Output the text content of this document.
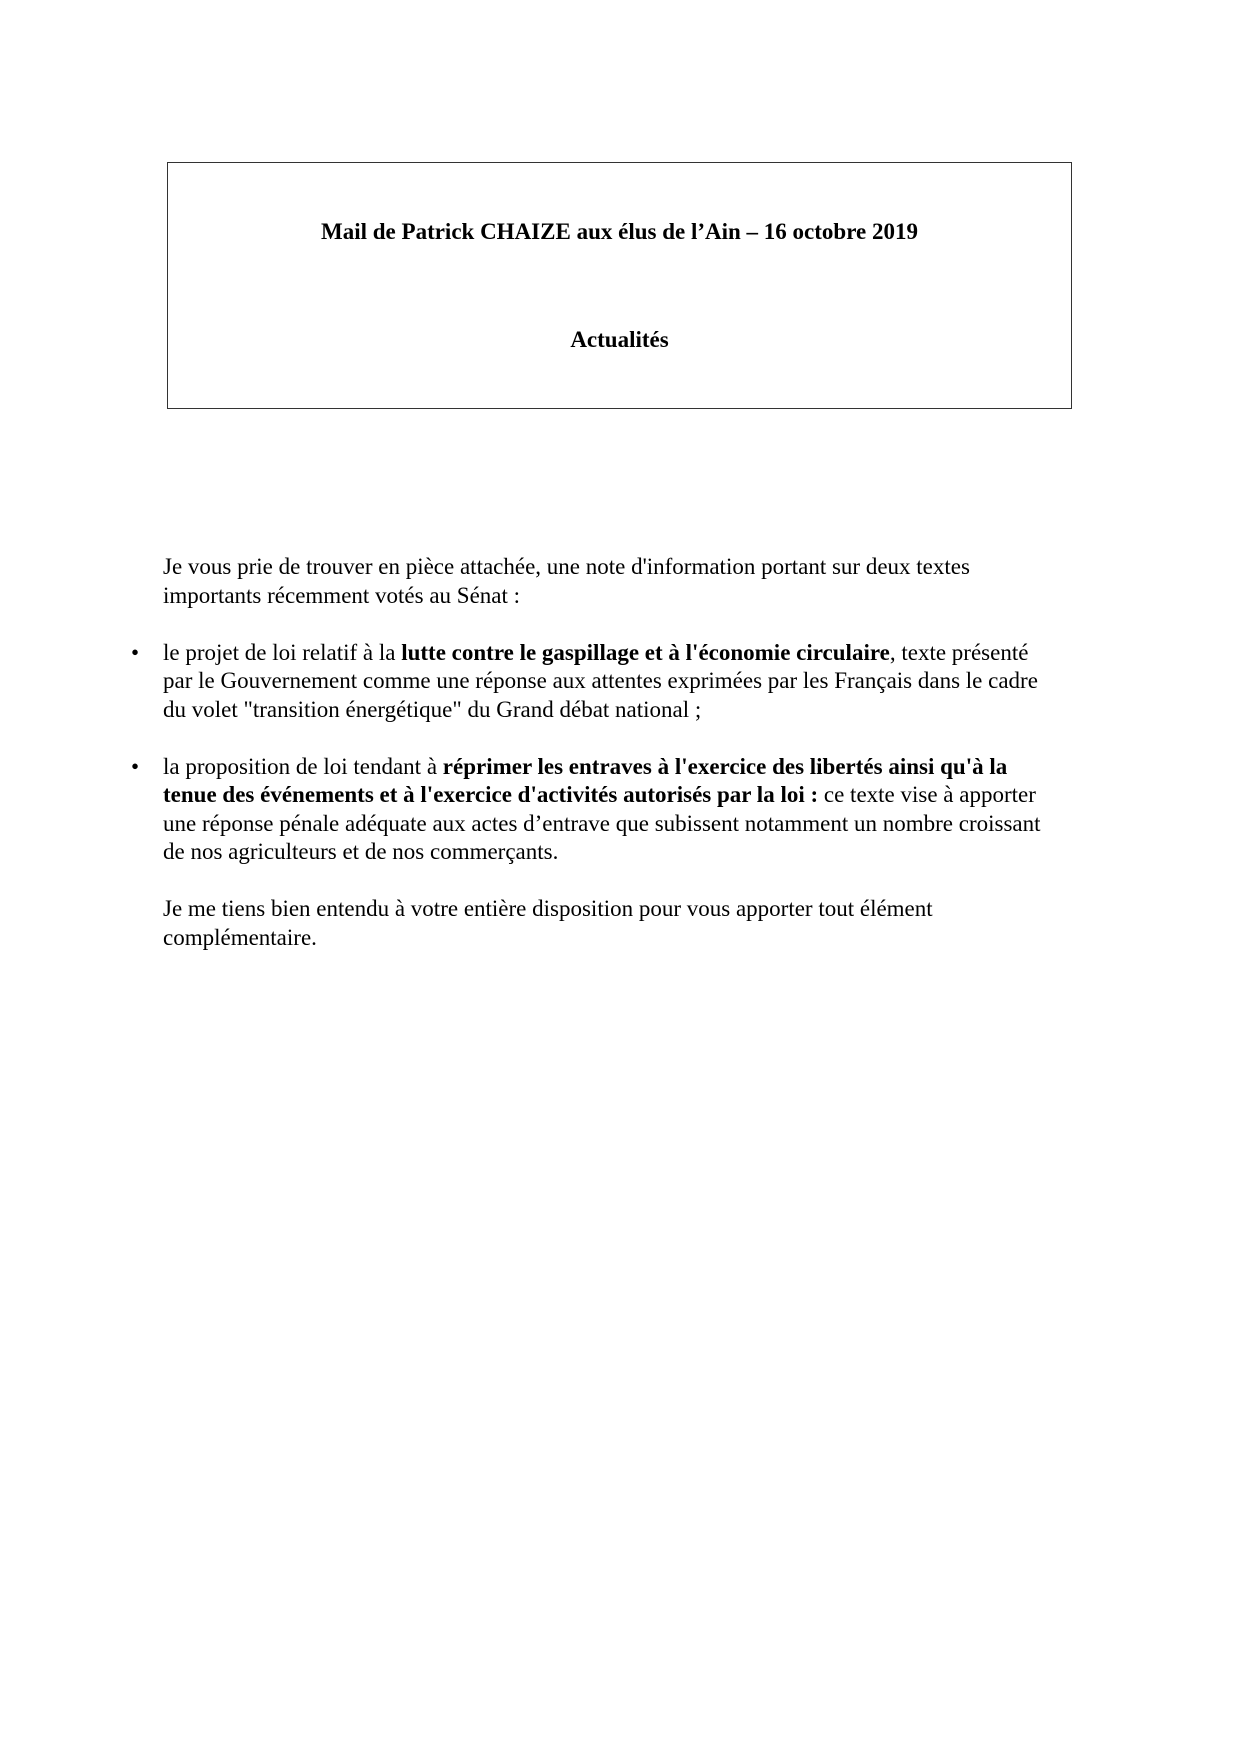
Mail de Patrick CHAIZE aux élus de l’Ain – 16 octobre 2019
Actualités

Je vous prie de trouver en pièce attachée, une note d'information portant sur deux textes
importants récemment votés au Sénat :

• le projet de loi relatif à la lutte contre le gaspillage et à l'économie circulaire, texte présenté
par le Gouvernement comme une réponse aux attentes exprimées par les Français dans le cadre
du volet "transition énergétique" du Grand débat national ;

• la proposition de loi tendant à réprimer les entraves à l'exercice des libertés ainsi qu'à la
tenue des événements et à l'exercice d'activités autorisés par la loi : ce texte vise à apporter
une réponse pénale adéquate aux actes d’entrave que subissent notamment un nombre croissant
de nos agriculteurs et de nos commerçants.

Je me tiens bien entendu à votre entière disposition pour vous apporter tout élément
complémentaire.
